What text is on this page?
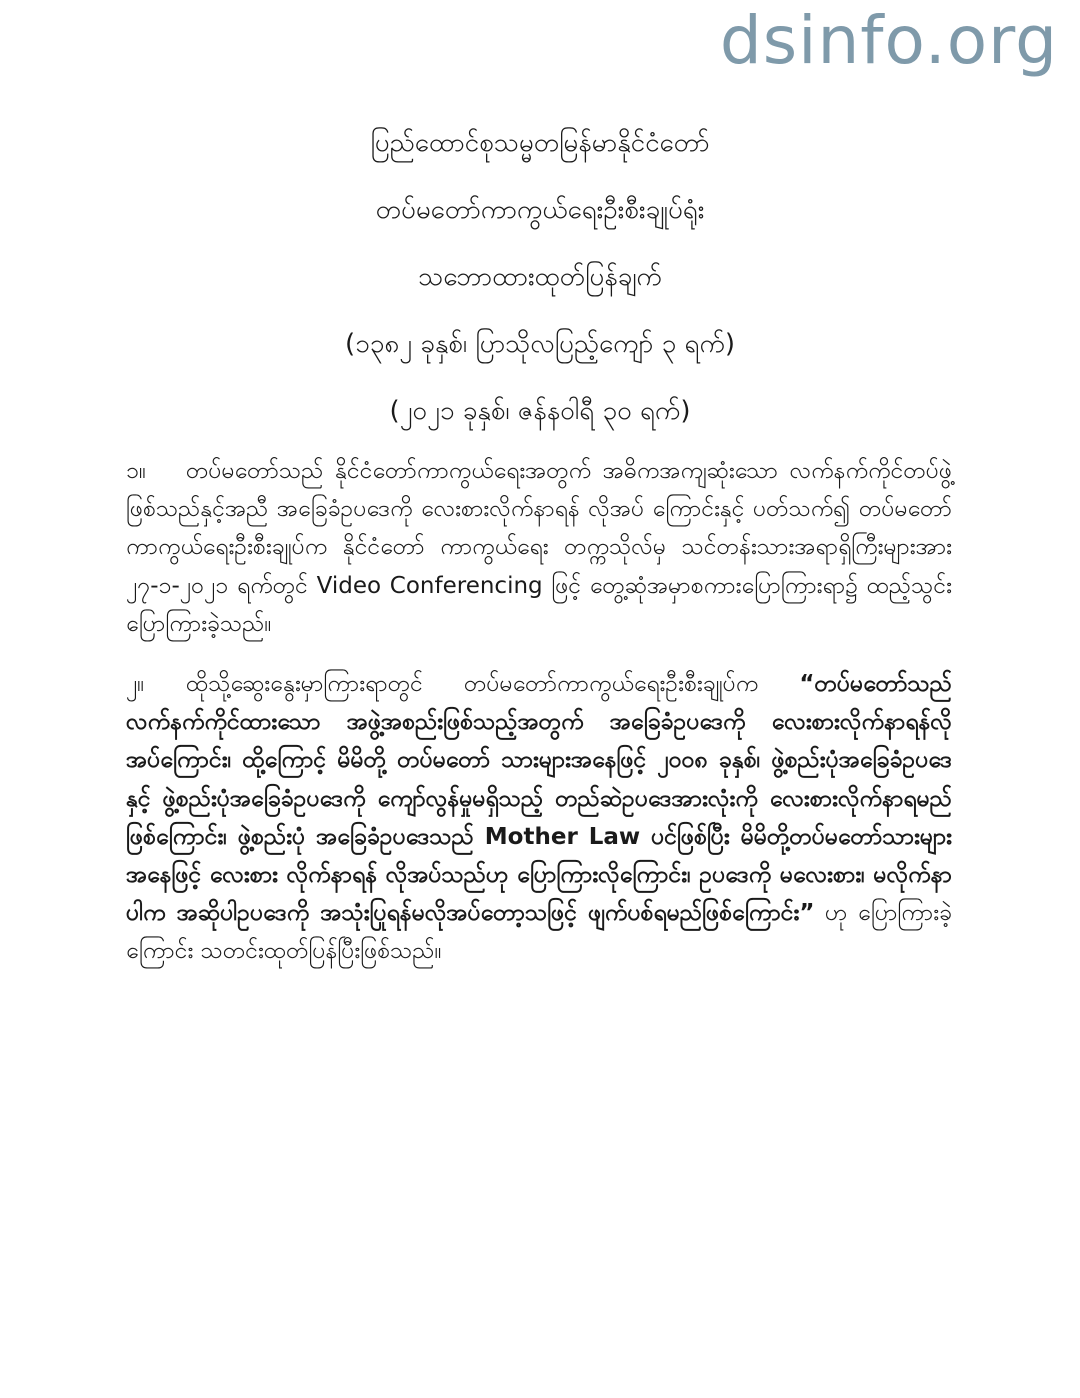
dsinfo.org
ပြည်ထောင်စုသမ္မတမြန်မာနိုင်ငံတော်
တပ်မတော်ကာကွယ်ရေးဦးစီးချုပ်ရုံး
သဘောထားထုတ်ပြန်ချက်
(၁၃၈၂ ခုနှစ်၊ ပြာသိုလပြည့်ကျော် ၃ ရက်)
(၂၀၂၁ ခုနှစ်၊ ဇန်နဝါရီ ၃၀ ရက်)

၁။ တပ်မတော်သည် နိုင်ငံတော်ကာကွယ်ရေးအတွက် အဓိကအကျဆုံးသော လက်နက်ကိုင်တပ်ဖွဲ့ဖြစ်သည်နှင့်အညီ အခြေခံဥပဒေကို လေးစားလိုက်နာရန် လိုအပ် ကြောင်းနှင့် ပတ်သက်၍ တပ်မတော်ကာကွယ်ရေးဦးစီးချုပ်က နိုင်ငံတော် ကာကွယ်ရေး တက္ကသိုလ်မှ သင်တန်းသားအရာရှိကြီးများအား ၂၇-၁-၂၀၂၁ ရက်တွင် Video Conferencing ဖြင့် တွေ့ဆုံအမှာစကားပြောကြားရာ၌ ထည့်သွင်း ပြောကြားခဲ့သည်။

၂။ ထိုသို့ဆွေးနွေးမှာကြားရာတွင် တပ်မတော်ကာကွယ်ရေးဦးစီးချုပ်က “တပ်မတော်သည် လက်နက်ကိုင်ထားသော အဖွဲ့အစည်းဖြစ်သည့်အတွက် အခြေခံဥပဒေကို လေးစားလိုက်နာရန်လိုအပ်ကြောင်း၊ ထို့ကြောင့် မိမိတို့ တပ်မတော် သားများအနေဖြင့် ၂၀၀၈ ခုနှစ်၊ ဖွဲ့စည်းပုံအခြေခံဥပဒေနှင့် ဖွဲ့စည်းပုံအခြေခံဥပဒေကို ကျော်လွန်မှုမရှိသည့် တည်ဆဲဥပဒေအားလုံးကို လေးစားလိုက်နာရမည်ဖြစ်ကြောင်း၊ ဖွဲ့စည်းပုံ အခြေခံဥပဒေသည် Mother Law ပင်ဖြစ်ပြီး မိမိတို့တပ်မတော်သားများအနေဖြင့် လေးစား လိုက်နာရန် လိုအပ်သည်ဟု ပြောကြားလိုကြောင်း၊ ဥပဒေကို မလေးစား၊ မလိုက်နာပါက အဆိုပါဥပဒေကို အသုံးပြုရန်မလိုအပ်တော့သဖြင့် ဖျက်ပစ်ရမည်ဖြစ်ကြောင်း” ဟု ပြောကြားခဲ့ကြောင်း သတင်းထုတ်ပြန်ပြီးဖြစ်သည်။
